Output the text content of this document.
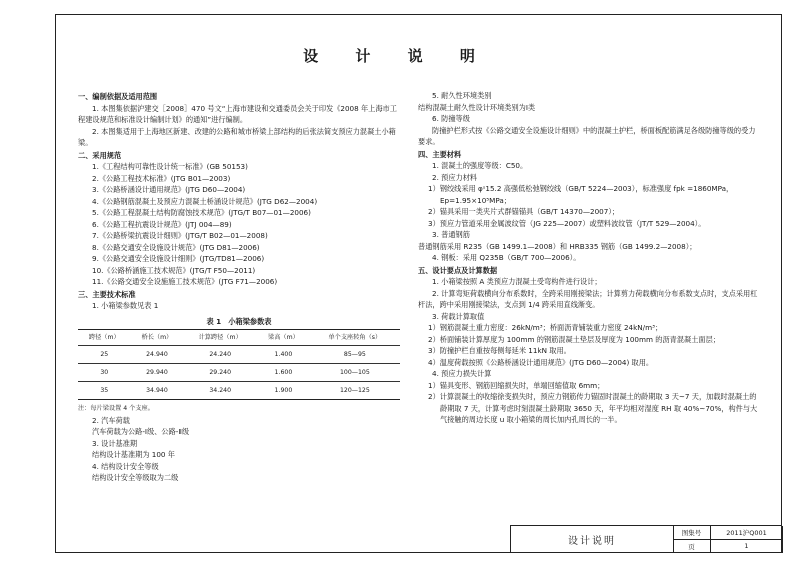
设 计 说 明
一、编制依据及适用范围
1. 本图集依据沪建交［2008］470 号文“上海市建设和交通委员会关于印发《2008 年上海市工程建设规范和标准设计编制计划》的通知”进行编制。
2. 本图集适用于上海地区新建、改建的公路和城市桥梁上部结构的后张法简支预应力混凝土小箱梁。
二、采用规范
1.《工程结构可靠性设计统一标准》(GB 50153)
2.《公路工程技术标准》(JTG B01—2003)
3.《公路桥涵设计通用规范》(JTG D60—2004)
4.《公路钢筋混凝土及预应力混凝土桥涵设计规范》(JTG D62—2004)
5.《公路工程混凝土结构防腐蚀技术规范》(JTG/T B07—01—2006)
6.《公路工程抗震设计规范》(JTJ 004—89)
7.《公路桥梁抗震设计细则》(JTG/T B02—01—2008)
8.《公路交通安全设施设计规范》(JTG D81—2006)
9.《公路交通安全设施设计细则》(JTG/TD81—2006)
10.《公路桥涵施工技术规范》(JTG/T F50—2011)
11.《公路交通安全设施施工技术规范》(JTG F71—2006)
三、主要技术标准
1. 小箱梁参数见表 1
表 1　小箱梁参数表
跨径（m）	桥长（m）	计算跨径（m）	梁高（m）	单个支座转角（s）
25	24.940	24.240	1.400	85—95
30	29.940	29.240	1.600	100—105
35	34.940	34.240	1.900	120—125
注：每片梁设置 4 个支座。
2. 汽车荷载
汽车荷载为公路-Ⅰ级、公路-Ⅱ级
3. 设计基准期
结构设计基准期为 100 年
4. 结构设计安全等级
结构设计安全等级取为二级
5. 耐久性环境类别
结构混凝土耐久性设计环境类别为Ⅰ类
6. 防撞等级
防撞护栏形式按《公路交通安全设施设计细则》中的混凝土护栏，桥面板配筋满足各级防撞等级的受力要求。
四、主要材料
1. 混凝土的强度等级：C50。
2. 预应力材料
1）钢绞线采用 φˢ15.2 高强低松弛钢绞线（GB/T 5224—2003），标准强度 fpk =1860MPa，Ep=1.95×10⁵MPa；
2）锚具采用一类夹片式群锚锚具（GB/T 14370—2007）；
3）预应力管道采用金属波纹管（JG 225—2007）或塑料波纹管（JT/T 529—2004）。
3. 普通钢筋
普通钢筋采用 R235（GB 1499.1—2008）和 HRB335 钢筋（GB 1499.2—2008）；
4. 钢板：采用 Q235B（GB/T 700—2006）。
五、设计要点及计算数据
1. 小箱梁按照 A 类预应力混凝土受弯构件进行设计；
2. 计算弯矩荷载横向分布系数时，全跨采用刚接梁法；计算剪力荷载横向分布系数支点时，支点采用杠杆法，跨中采用刚接梁法，支点到 1/4 跨采用直线渐变。
3. 荷载计算取值
1）钢筋混凝土重力密度：26kN/m³；桥面沥青铺装重力密度 24kN/m³；
2）桥面铺装计算厚度为 100mm 的钢筋混凝土垫层及厚度为 100mm 的沥青混凝土面层；
3）防撞护栏自重按每侧每延米 11kN 取用。
4）温度荷载按照《公路桥涵设计通用规范》(JTG D60—2004) 取用。
4. 预应力损失计算
1）锚具变形、钢筋回缩损失时，单端回缩值取 6mm；
2）计算混凝土的收缩徐变损失时，预应力钢筋传力锚固时混凝土的龄期取 3 天~7 天，加载时混凝土的龄期取 7 天，计算考虑时刻混凝土龄期取 3650 天，年平均相对湿度 RH 取 40%~70%，构件与大气接触的周边长度 u 取小箱梁的周长加内孔周长的一半。
设计说明
图集号	2011沪Q001
页	1
